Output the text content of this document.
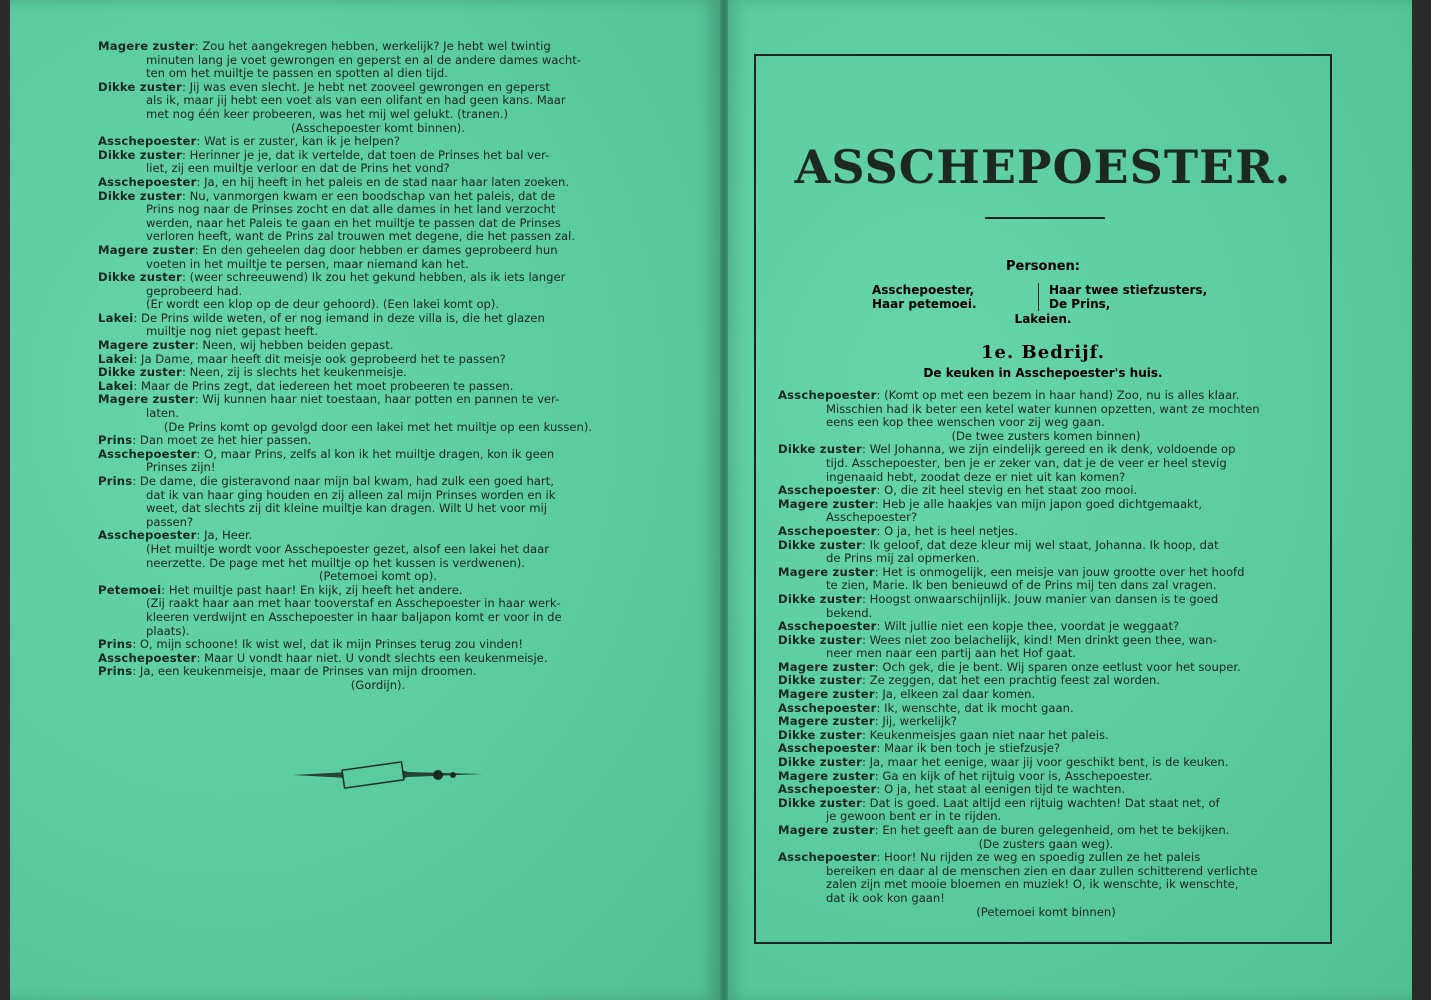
Magere zuster: Zou het aangekregen hebben, werkelijk? Je hebt wel twintig
minuten lang je voet gewrongen en geperst en al de andere dames wacht-
ten om het muiltje te passen en spotten al dien tijd.
Dikke zuster: Jij was even slecht. Je hebt net zooveel gewrongen en geperst
als ik, maar jij hebt een voet als van een olifant en had geen kans. Maar
met nog één keer probeeren, was het mij wel gelukt. (tranen.)
(Asschepoester komt binnen).
Asschepoester: Wat is er zuster, kan ik je helpen?
Dikke zuster: Herinner je je, dat ik vertelde, dat toen de Prinses het bal ver-
liet, zij een muiltje verloor en dat de Prins het vond?
Asschepoester: Ja, en hij heeft in het paleis en de stad naar haar laten zoeken.
Dikke zuster: Nu, vanmorgen kwam er een boodschap van het paleis, dat de
Prins nog naar de Prinses zocht en dat alle dames in het land verzocht
werden, naar het Paleis te gaan en het muiltje te passen dat de Prinses
verloren heeft, want de Prins zal trouwen met degene, die het passen zal.
Magere zuster: En den geheelen dag door hebben er dames geprobeerd hun
voeten in het muiltje te persen, maar niemand kan het.
Dikke zuster: (weer schreeuwend) Ik zou het gekund hebben, als ik iets langer
geprobeerd had.
(Er wordt een klop op de deur gehoord). (Een lakei komt op).
Lakei: De Prins wilde weten, of er nog iemand in deze villa is, die het glazen
muiltje nog niet gepast heeft.
Magere zuster: Neen, wij hebben beiden gepast.
Lakei: Ja Dame, maar heeft dit meisje ook geprobeerd het te passen?
Dikke zuster: Neen, zij is slechts het keukenmeisje.
Lakei: Maar de Prins zegt, dat iedereen het moet probeeren te passen.
Magere zuster: Wij kunnen haar niet toestaan, haar potten en pannen te ver-
laten.
(De Prins komt op gevolgd door een lakei met het muiltje op een kussen).
Prins: Dan moet ze het hier passen.
Asschepoester: O, maar Prins, zelfs al kon ik het muiltje dragen, kon ik geen
Prinses zijn!
Prins: De dame, die gisteravond naar mijn bal kwam, had zulk een goed hart,
dat ik van haar ging houden en zij alleen zal mijn Prinses worden en ik
weet, dat slechts zij dit kleine muiltje kan dragen. Wilt U het voor mij
passen?
Asschepoester: Ja, Heer.
(Het muiltje wordt voor Asschepoester gezet, alsof een lakei het daar
neerzette. De page met het muiltje op het kussen is verdwenen).
(Petemoei komt op).
Petemoei: Het muiltje past haar! En kijk, zij heeft het andere.
(Zij raakt haar aan met haar tooverstaf en Asschepoester in haar werk-
kleeren verdwijnt en Asschepoester in haar baljapon komt er voor in de
plaats).
Prins: O, mijn schoone! Ik wist wel, dat ik mijn Prinses terug zou vinden!
Asschepoester: Maar U vondt haar niet. U vondt slechts een keukenmeisje.
Prins: Ja, een keukenmeisje, maar de Prinses van mijn droomen.
(Gordijn).
ASSCHEPOESTER.
Personen:
Asschepoester,
Haar petemoei.
Haar twee stiefzusters,
De Prins,
Lakeien.
1e. Bedrijf.
De keuken in Asschepoester's huis.
Asschepoester: (Komt op met een bezem in haar hand) Zoo, nu is alles klaar.
Misschien had ik beter een ketel water kunnen opzetten, want ze mochten
eens een kop thee wenschen voor zij weg gaan.
(De twee zusters komen binnen)
Dikke zuster: Wel Johanna, we zijn eindelijk gereed en ik denk, voldoende op
tijd. Asschepoester, ben je er zeker van, dat je de veer er heel stevig
ingenaaid hebt, zoodat deze er niet uit kan komen?
Asschepoester: O, die zit heel stevig en het staat zoo mooi.
Magere zuster: Heb je alle haakjes van mijn japon goed dichtgemaakt,
Asschepoester?
Asschepoester: O ja, het is heel netjes.
Dikke zuster: Ik geloof, dat deze kleur mij wel staat, Johanna. Ik hoop, dat
de Prins mij zal opmerken.
Magere zuster: Het is onmogelijk, een meisje van jouw grootte over het hoofd
te zien, Marie. Ik ben benieuwd of de Prins mij ten dans zal vragen.
Dikke zuster: Hoogst onwaarschijnlijk. Jouw manier van dansen is te goed
bekend.
Asschepoester: Wilt jullie niet een kopje thee, voordat je weggaat?
Dikke zuster: Wees niet zoo belachelijk, kind! Men drinkt geen thee, wan-
neer men naar een partij aan het Hof gaat.
Magere zuster: Och gek, die je bent. Wij sparen onze eetlust voor het souper.
Dikke zuster: Ze zeggen, dat het een prachtig feest zal worden.
Magere zuster: Ja, elkeen zal daar komen.
Asschepoester: Ik, wenschte, dat ik mocht gaan.
Magere zuster: Jij, werkelijk?
Dikke zuster: Keukenmeisjes gaan niet naar het paleis.
Asschepoester: Maar ik ben toch je stiefzusje?
Dikke zuster: Ja, maar het eenige, waar jij voor geschikt bent, is de keuken.
Magere zuster: Ga en kijk of het rijtuig voor is, Asschepoester.
Asschepoester: O ja, het staat al eenigen tijd te wachten.
Dikke zuster: Dat is goed. Laat altijd een rijtuig wachten! Dat staat net, of
je gewoon bent er in te rijden.
Magere zuster: En het geeft aan de buren gelegenheid, om het te bekijken.
(De zusters gaan weg).
Asschepoester: Hoor! Nu rijden ze weg en spoedig zullen ze het paleis
bereiken en daar al de menschen zien en daar zullen schitterend verlichte
zalen zijn met mooie bloemen en muziek! O, ik wenschte, ik wenschte,
dat ik ook kon gaan!
(Petemoei komt binnen)
